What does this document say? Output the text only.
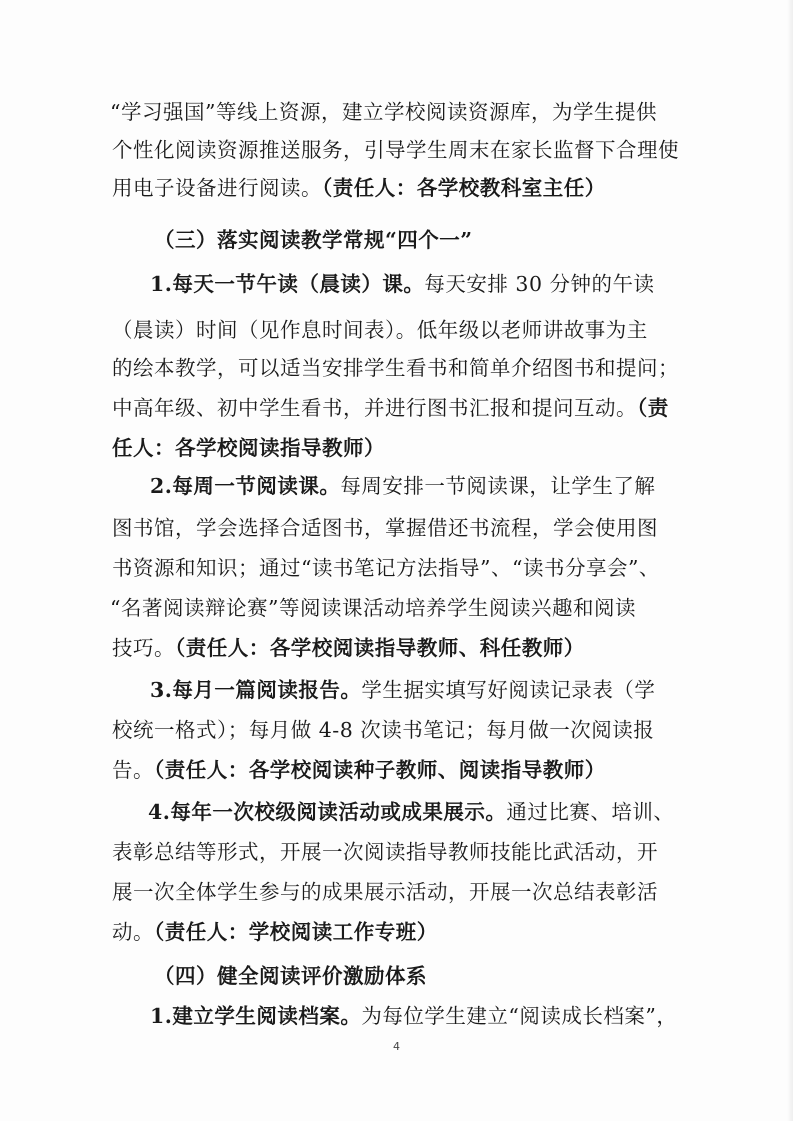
“学习强国”等线上资源，建立学校阅读资源库，为学生提供
个性化阅读资源推送服务，引导学生周末在家长监督下合理使
用电子设备进行阅读。（责任人：各学校教科室主任）
（三）落实阅读教学常规“四个一”
1.每天一节午读（晨读）课。每天安排 30 分钟的午读
（晨读）时间（见作息时间表）。低年级以老师讲故事为主
的绘本教学，可以适当安排学生看书和简单介绍图书和提问；
中高年级、初中学生看书，并进行图书汇报和提问互动。（责
任人：各学校阅读指导教师）
2.每周一节阅读课。每周安排一节阅读课，让学生了解
图书馆，学会选择合适图书，掌握借还书流程，学会使用图
书资源和知识；通过“读书笔记方法指导”、“读书分享会”、
“名著阅读辩论赛”等阅读课活动培养学生阅读兴趣和阅读
技巧。（责任人：各学校阅读指导教师、科任教师）
3.每月一篇阅读报告。学生据实填写好阅读记录表（学
校统一格式）；每月做 4-8 次读书笔记；每月做一次阅读报
告。（责任人：各学校阅读种子教师、阅读指导教师）
4.每年一次校级阅读活动或成果展示。通过比赛、培训、
表彰总结等形式，开展一次阅读指导教师技能比武活动，开
展一次全体学生参与的成果展示活动，开展一次总结表彰活
动。（责任人：学校阅读工作专班）
（四）健全阅读评价激励体系
1.建立学生阅读档案。为每位学生建立“阅读成长档案”，
4
